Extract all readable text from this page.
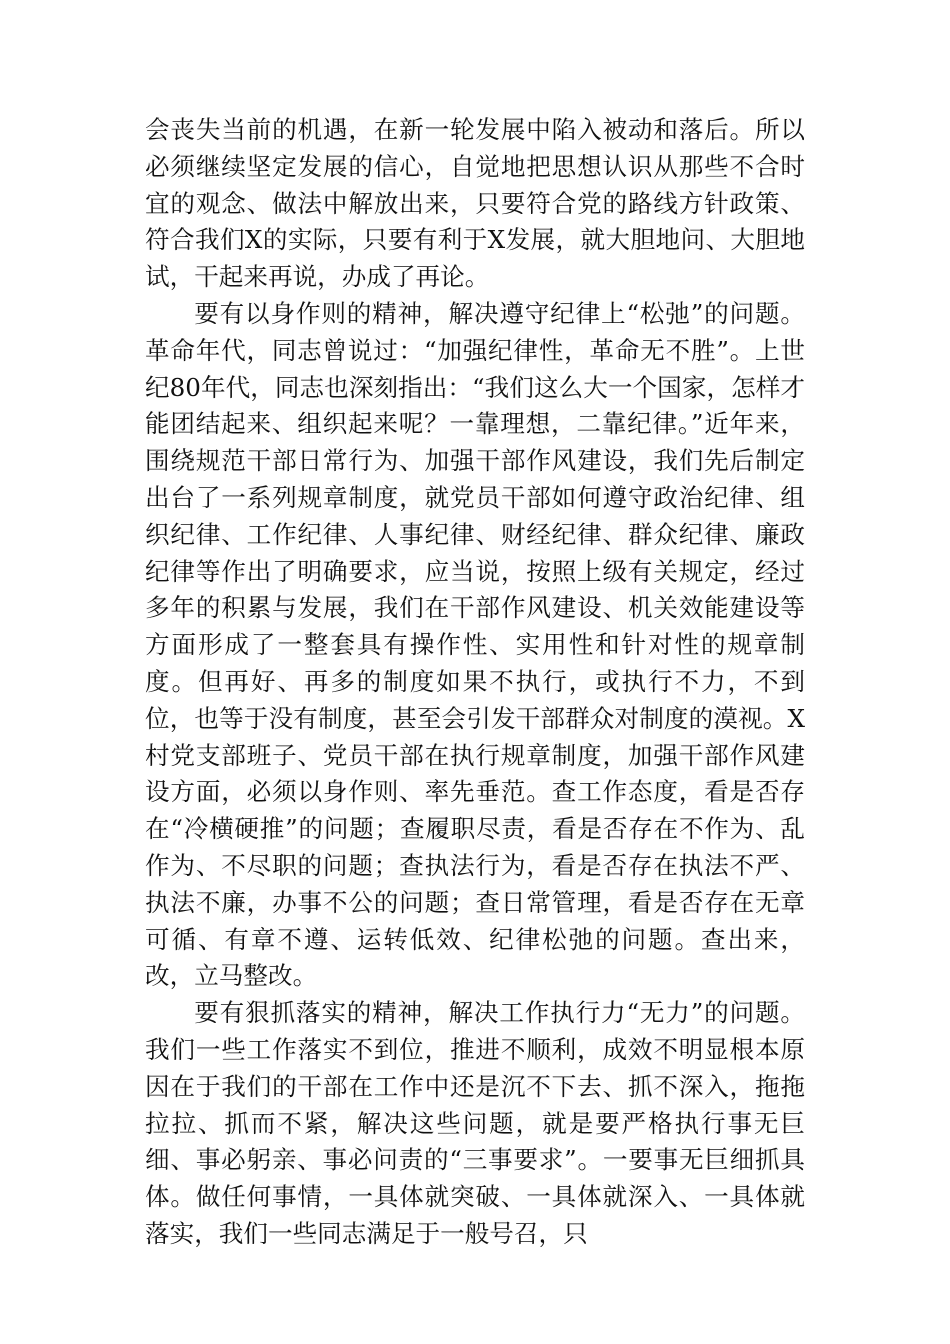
会丧失当前的机遇，在新一轮发展中陷入被动和落后。所以必须继续坚定发展的信心，自觉地把思想认识从那些不合时宜的观念、做法中解放出来，只要符合党的路线方针政策、符合我们X的实际，只要有利于X发展，就大胆地问、大胆地试，干起来再说，办成了再论。

要有以身作则的精神，解决遵守纪律上“松弛”的问题。革命年代，同志曾说过：“加强纪律性，革命无不胜”。上世纪80年代，同志也深刻指出：“我们这么大一个国家，怎样才能团结起来、组织起来呢？一靠理想，二靠纪律。”近年来，围绕规范干部日常行为、加强干部作风建设，我们先后制定出台了一系列规章制度，就党员干部如何遵守政治纪律、组织纪律、工作纪律、人事纪律、财经纪律、群众纪律、廉政纪律等作出了明确要求，应当说，按照上级有关规定，经过多年的积累与发展，我们在干部作风建设、机关效能建设等方面形成了一整套具有操作性、实用性和针对性的规章制度。但再好、再多的制度如果不执行，或执行不力，不到位，也等于没有制度，甚至会引发干部群众对制度的漠视。X村党支部班子、党员干部在执行规章制度，加强干部作风建设方面，必须以身作则、率先垂范。查工作态度，看是否存在“冷横硬推”的问题；查履职尽责，看是否存在不作为、乱作为、不尽职的问题；查执法行为，看是否存在执法不严、执法不廉，办事不公的问题；查日常管理，看是否存在无章可循、有章不遵、运转低效、纪律松弛的问题。查出来，改，立马整改。

要有狠抓落实的精神，解决工作执行力“无力”的问题。我们一些工作落实不到位，推进不顺利，成效不明显根本原因在于我们的干部在工作中还是沉不下去、抓不深入，拖拖拉拉、抓而不紧，解决这些问题，就是要严格执行事无巨细、事必躬亲、事必问责的“三事要求”。一要事无巨细抓具体。做任何事情，一具体就突破、一具体就深入、一具体就落实，我们一些同志满足于一般号召，只
